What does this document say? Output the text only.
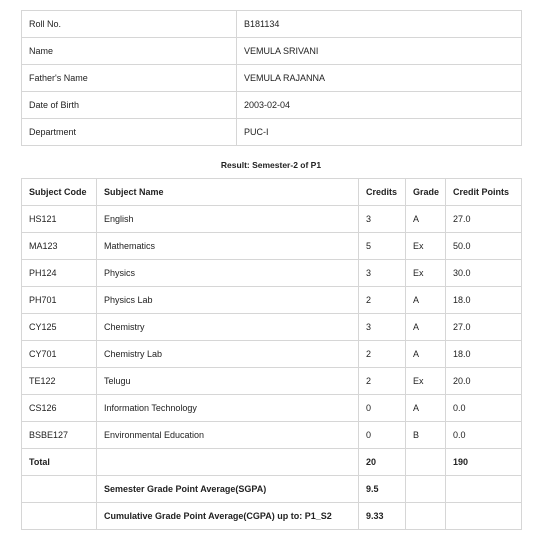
Roll No.	B181134
Name	VEMULA SRIVANI
Father's Name	VEMULA RAJANNA
Date of Birth	2003-02-04
Department	PUC-I
Result: Semester-2 of P1
Subject Code	Subject Name	Credits	Grade	Credit Points
HS121	English	3	A	27.0
MA123	Mathematics	5	Ex	50.0
PH124	Physics	3	Ex	30.0
PH701	Physics Lab	2	A	18.0
CY125	Chemistry	3	A	27.0
CY701	Chemistry Lab	2	A	18.0
TE122	Telugu	2	Ex	20.0
CS126	Information Technology	0	A	0.0
BSBE127	Environmental Education	0	B	0.0
Total		20		190
	Semester Grade Point Average(SGPA)	9.5		
	Cumulative Grade Point Average(CGPA) up to: P1_S2	9.33		
